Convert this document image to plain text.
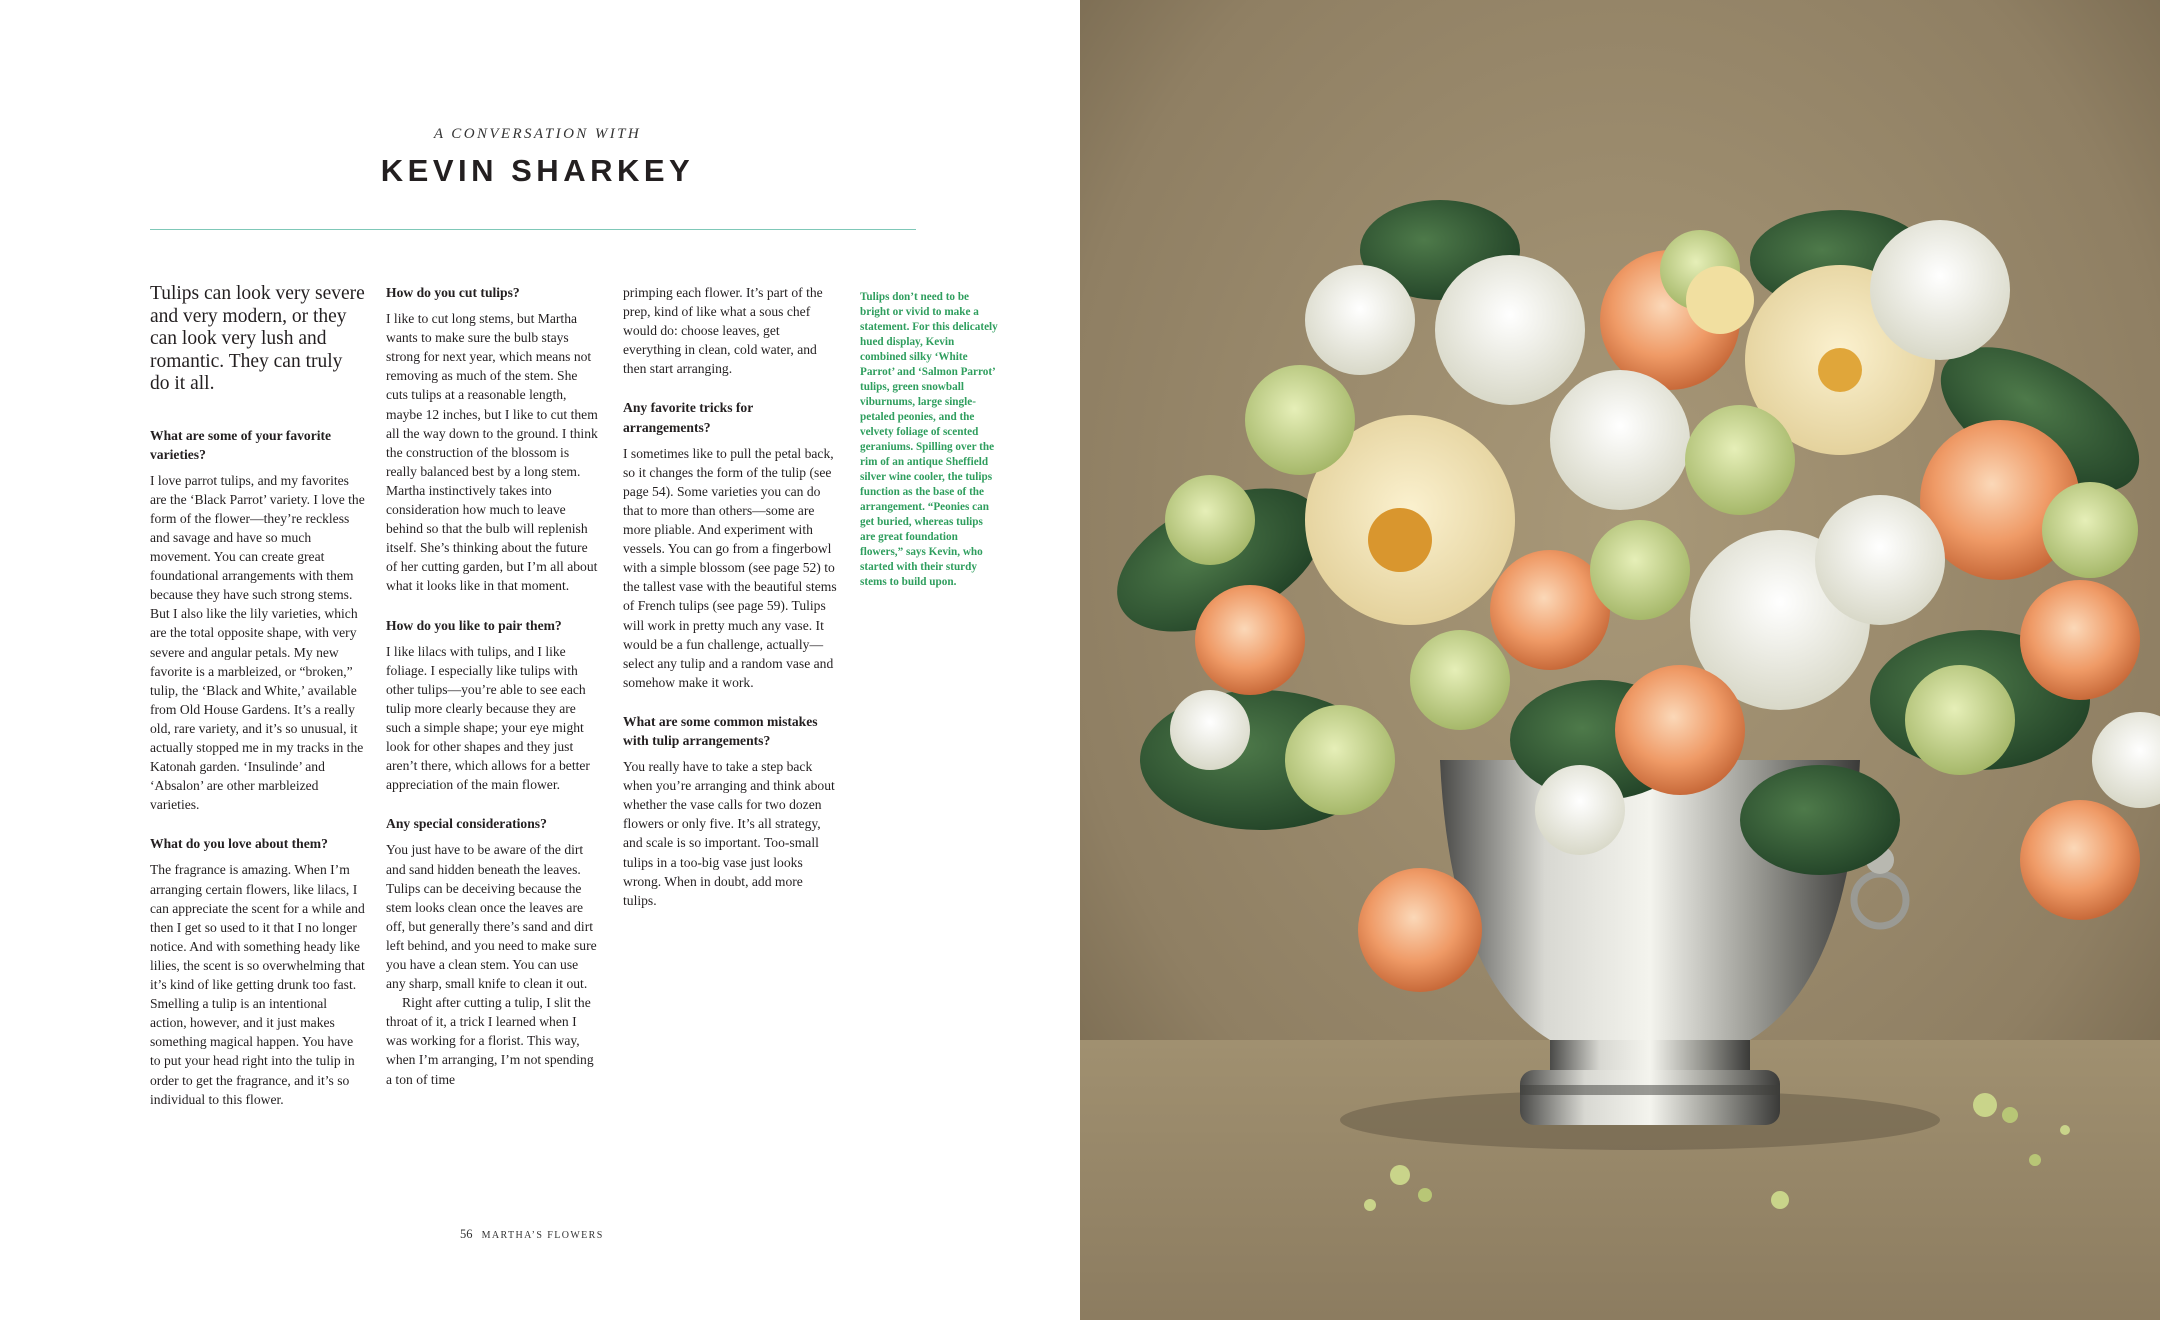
A CONVERSATION WITH
KEVIN SHARKEY

Tulips can look very severe and very modern, or they can look very lush and romantic. They can truly do it all.

What are some of your favorite varieties?

I love parrot tulips, and my favorites are the ‘Black Parrot’ variety. I love the form of the flower—they’re reckless and savage and have so much movement. You can create great foundational arrangements with them because they have such strong stems. But I also like the lily varieties, which are the total opposite shape, with very severe and angular petals. My new favorite is a marbleized, or “broken,” tulip, the ‘Black and White,’ available from Old House Gardens. It’s a really old, rare variety, and it’s so unusual, it actually stopped me in my tracks in the Katonah garden. ‘Insulinde’ and ‘Absalon’ are other marbleized varieties.

What do you love about them?

The fragrance is amazing. When I’m arranging certain flowers, like lilacs, I can appreciate the scent for a while and then I get so used to it that I no longer notice. And with something heady like lilies, the scent is so overwhelming that it’s kind of like getting drunk too fast. Smelling a tulip is an intentional action, however, and it just makes something magical happen. You have to put your head right into the tulip in order to get the fragrance, and it’s so individual to this flower.

How do you cut tulips?

I like to cut long stems, but Martha wants to make sure the bulb stays strong for next year, which means not removing as much of the stem. She cuts tulips at a reasonable length, maybe 12 inches, but I like to cut them all the way down to the ground. I think the construction of the blossom is really balanced best by a long stem. Martha instinctively takes into consideration how much to leave behind so that the bulb will replenish itself. She’s thinking about the future of her cutting garden, but I’m all about what it looks like in that moment.

How do you like to pair them?

I like lilacs with tulips, and I like foliage. I especially like tulips with other tulips—you’re able to see each tulip more clearly because they are such a simple shape; your eye might look for other shapes and they just aren’t there, which allows for a better appreciation of the main flower.

Any special considerations?

You just have to be aware of the dirt and sand hidden beneath the leaves. Tulips can be deceiving because the stem looks clean once the leaves are off, but generally there’s sand and dirt left behind, and you need to make sure you have a clean stem. You can use any sharp, small knife to clean it out.

Right after cutting a tulip, I slit the throat of it, a trick I learned when I was working for a florist. This way, when I’m arranging, I’m not spending a ton of time

primping each flower. It’s part of the prep, kind of like what a sous chef would do: choose leaves, get everything in clean, cold water, and then start arranging.

Any favorite tricks for arrangements?

I sometimes like to pull the petal back, so it changes the form of the tulip (see page 54). Some varieties you can do that to more than others—some are more pliable. And experiment with vessels. You can go from a fingerbowl with a simple blossom (see page 52) to the tallest vase with the beautiful stems of French tulips (see page 59). Tulips will work in pretty much any vase. It would be a fun challenge, actually—select any tulip and a random vase and somehow make it work.

What are some common mistakes with tulip arrangements?

You really have to take a step back when you’re arranging and think about whether the vase calls for two dozen flowers or only five. It’s all strategy, and scale is so important. Too-small tulips in a too-big vase just looks wrong. When in doubt, add more tulips.

Tulips don’t need to be bright or vivid to make a statement. For this delicately hued display, Kevin combined silky ‘White Parrot’ and ‘Salmon Parrot’ tulips, green snowball viburnums, large single-petaled peonies, and the velvety foliage of scented geraniums. Spilling over the rim of an antique Sheffield silver wine cooler, the tulips function as the base of the arrangement. “Peonies can get buried, whereas tulips are great foundation flowers,” says Kevin, who started with their sturdy stems to build upon.
56 MARTHA’S FLOWERS
